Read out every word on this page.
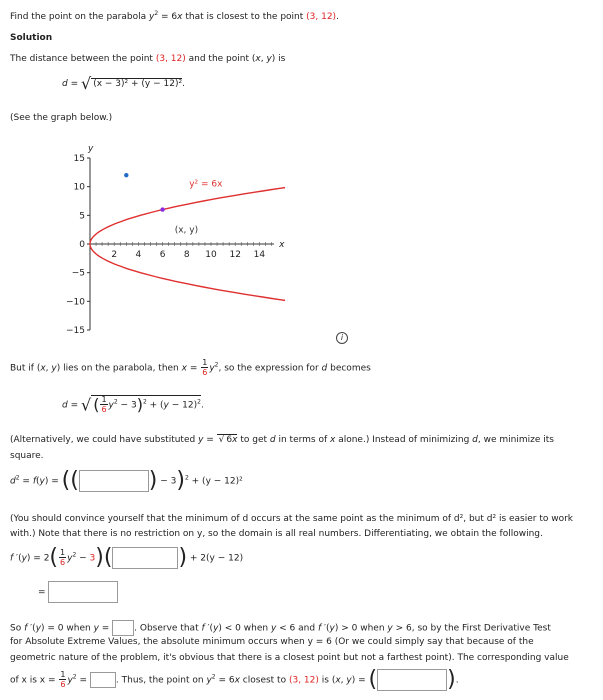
Find the point on the parabola $y^2 = 6x$ that is closest to the point (3, 12).
Solution
The distance between the point (3, 12) and the point (x, y) is
d = √ (x − 3)² + (y − 12)².
(See the graph below.)
15
10
5
0
−5
−10
−15
2 4 6 8 10 12 14
x
y
y² = 6x
(x, y)
i
But if (x, y) lies on the parabola, then $x = \frac{1}{6} y^2$, so the expression for d becomes
d = √ ( $\frac{1}{6} y^2 - 3)^2 + (y - 12)^2$.
(Alternatively, we could have substituted y = √ 6x to get d in terms of x alone.) Instead of minimizing d, we minimize its
square.
$d^2 = f(y)$ = ((	) − 3)$^2$ + (y − 12)²
(You should convince yourself that the minimum of d occurs at the same point as the minimum of d², but d² is easier to work
with.) Note that there is no restriction on y, so the domain is all real numbers. Differentiating, we obtain the following.
f $'(y) = 2( \frac{1}{6} y^2 - 3)$(	) + 2(y − 12)
=
So f ′(y) = 0 when y = . Observe that f ′(y) < 0 when y < 6 and f ′(y) > 0 when y > 6, so by the First Derivative Test
for Absolute Extreme Values, the absolute minimum occurs when y = 6 (Or we could simply say that because of the
geometric nature of the problem, it's obvious that there is a closest point but not a farthest point). The corresponding value
of x is $x = \frac{1}{6} y^2$ =	. Thus, the point on $y^2 = 6x$ closest to (3, 12) is (x, y) = (	).
